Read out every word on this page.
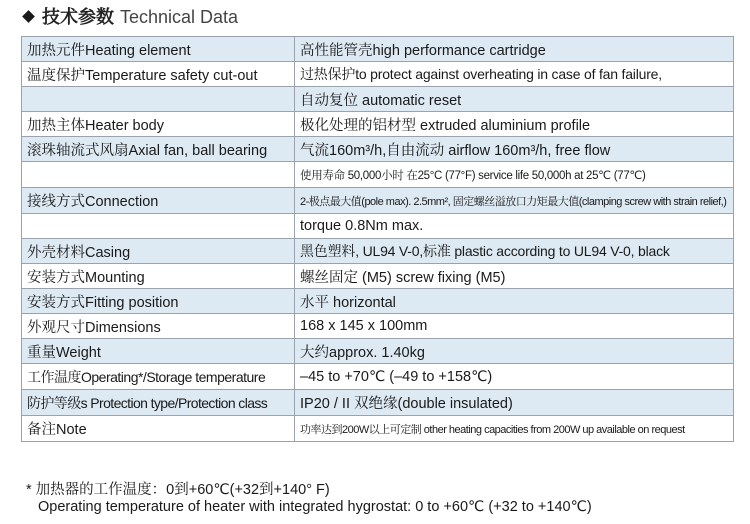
技术参数 Technical Data
加热元件Heating element	高性能管壳high performance cartridge
温度保护Temperature safety cut-out	过热保护to protect against overheating in case of fan failure,
	自动复位 automatic reset
加热主体Heater body	极化处理的铝材型 extruded aluminium profile
滚珠轴流式风扇Axial fan, ball bearing	气流160m³/h,自由流动 airflow 160m³/h, free flow
	使用寿命 50,000小时 在25°C (77°F) service life 50,000h at 25℃ (77℃)
接线方式Connection	2-极点最大值(pole max). 2.5mm², 固定螺丝溢放口力矩最大值(clamping screw with strain relief,)
	torque 0.8Nm max.
外壳材料Casing	黑色塑料, UL94 V-0,标准 plastic according to UL94 V-0, black
安装方式Mounting	螺丝固定 (M5) screw fixing (M5)
安装方式Fitting position	水平 horizontal
外观尺寸Dimensions	168 x 145 x 100mm
重量Weight	大约approx. 1.40kg
工作温度Operating*/Storage temperature	–45 to +70℃ (–49 to +158℃)
防护等级s Protection type/Protection class	IP20 / II 双绝缘(double insulated)
备注Note	功率达到200W以上可定制 other heating capacities from 200W up available on request
* 加热器的工作温度：0到+60℃(+32到+140° F)
Operating temperature of heater with integrated hygrostat: 0 to +60℃ (+32 to +140℃)
